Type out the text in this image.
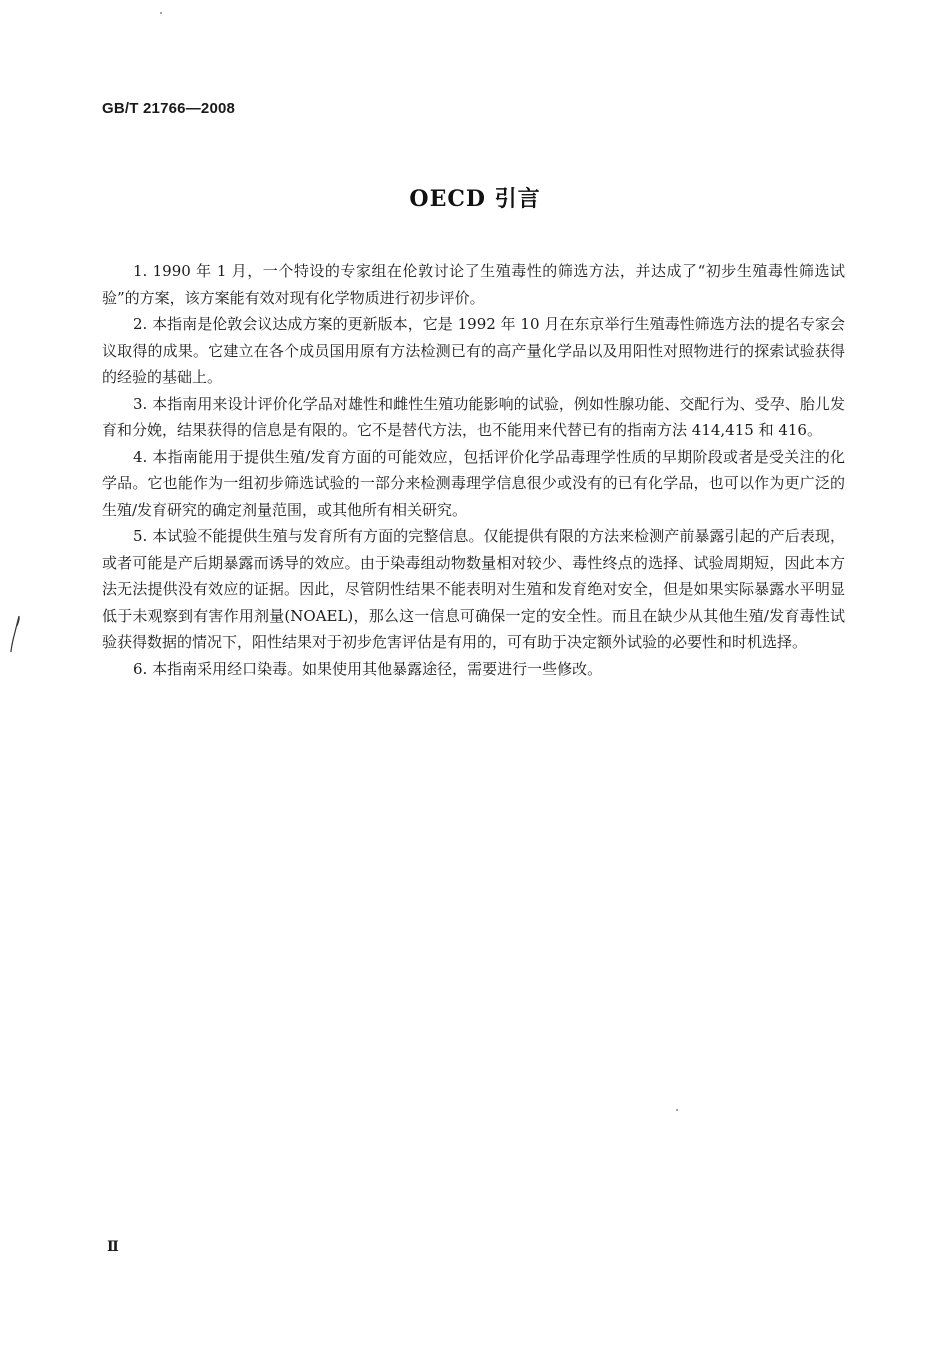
GB/T 21766—2008
OECD 引言

1. 1990 年 1 月，一个特设的专家组在伦敦讨论了生殖毒性的筛选方法，并达成了“初步生殖毒性筛选试验”的方案，该方案能有效对现有化学物质进行初步评价。

2. 本指南是伦敦会议达成方案的更新版本，它是 1992 年 10 月在东京举行生殖毒性筛选方法的提名专家会议取得的成果。它建立在各个成员国用原有方法检测已有的高产量化学品以及用阳性对照物进行的探索试验获得的经验的基础上。

3. 本指南用来设计评价化学品对雄性和雌性生殖功能影响的试验，例如性腺功能、交配行为、受孕、胎儿发育和分娩，结果获得的信息是有限的。它不是替代方法，也不能用来代替已有的指南方法 414,415 和 416。

4. 本指南能用于提供生殖/发育方面的可能效应，包括评价化学品毒理学性质的早期阶段或者是受关注的化学品。它也能作为一组初步筛选试验的一部分来检测毒理学信息很少或没有的已有化学品，也可以作为更广泛的生殖/发育研究的确定剂量范围，或其他所有相关研究。

5. 本试验不能提供生殖与发育所有方面的完整信息。仅能提供有限的方法来检测产前暴露引起的产后表现，或者可能是产后期暴露而诱导的效应。由于染毒组动物数量相对较少、毒性终点的选择、试验周期短，因此本方法无法提供没有效应的证据。因此，尽管阴性结果不能表明对生殖和发育绝对安全，但是如果实际暴露水平明显低于未观察到有害作用剂量(NOAEL)，那么这一信息可确保一定的安全性。而且在缺少从其他生殖/发育毒性试验获得数据的情况下，阳性结果对于初步危害评估是有用的，可有助于决定额外试验的必要性和时机选择。

6. 本指南采用经口染毒。如果使用其他暴露途径，需要进行一些修改。

Ⅱ
